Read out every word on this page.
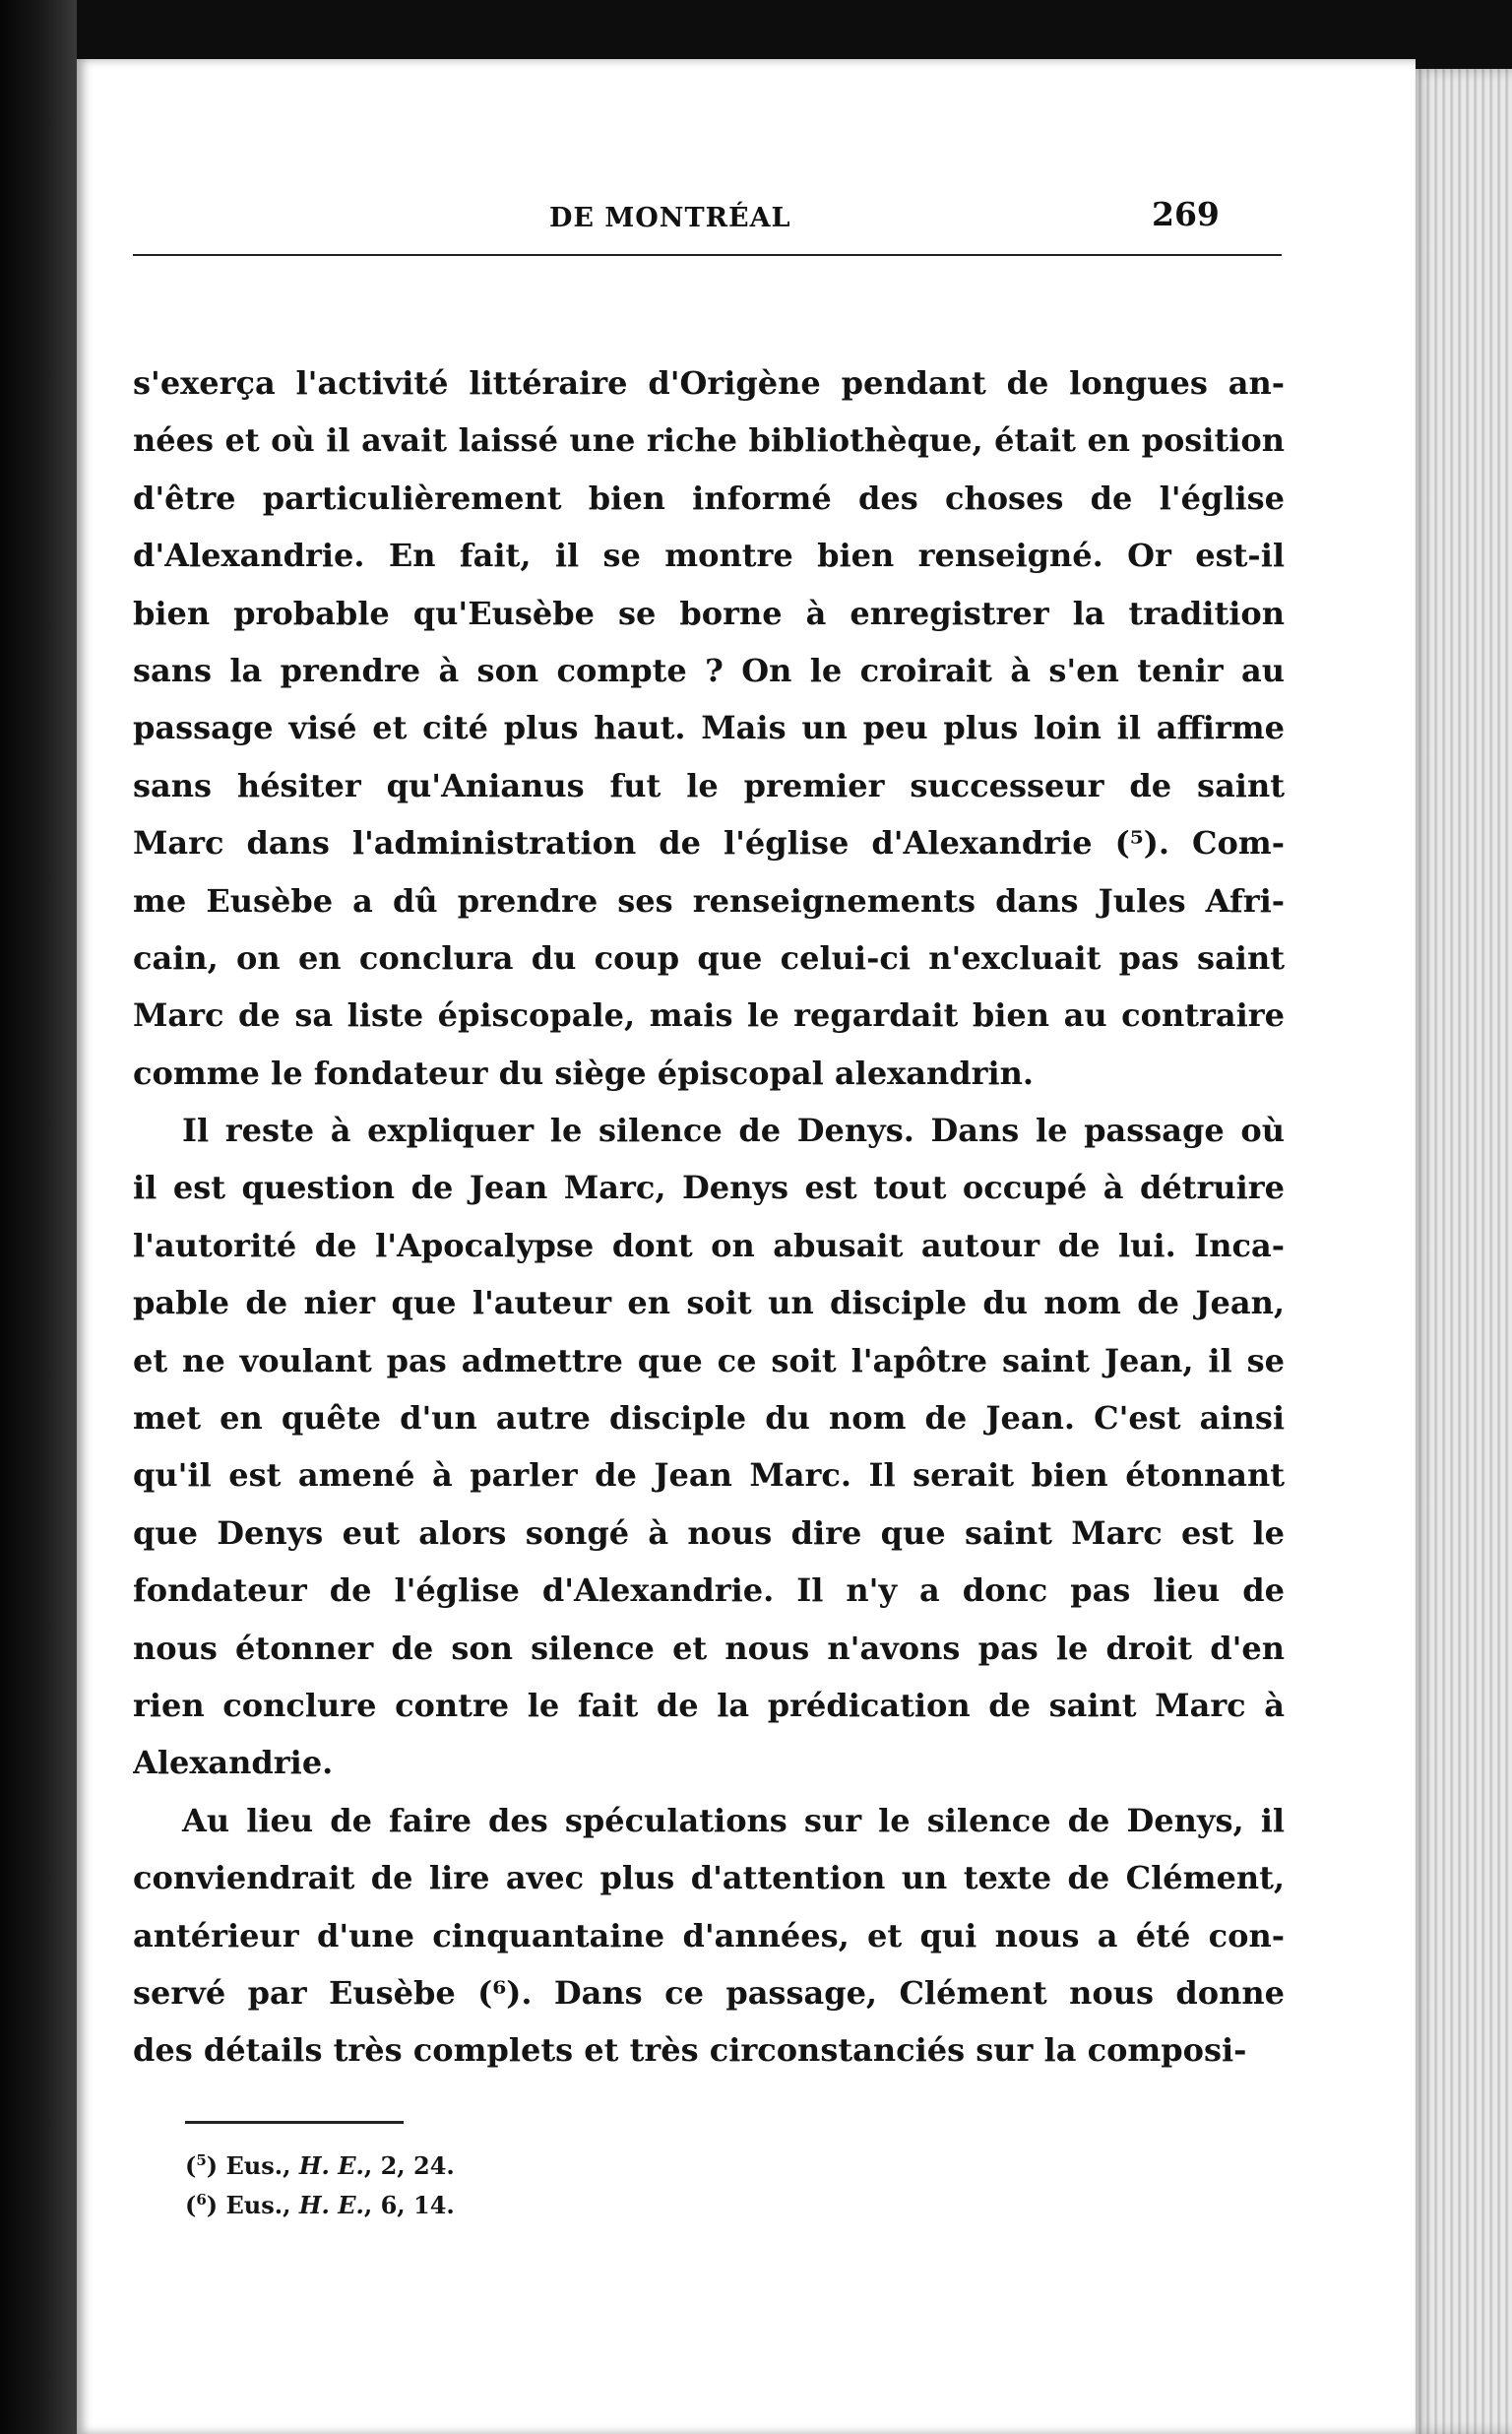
DE MONTRÉAL	269
s'exerça l'activité littéraire d'Origène pendant de longues an-
nées et où il avait laissé une riche bibliothèque, était en position
d'être particulièrement bien informé des choses de l'église
d'Alexandrie. En fait, il se montre bien renseigné. Or est-il
bien probable qu'Eusèbe se borne à enregistrer la tradition
sans la prendre à son compte ? On le croirait à s'en tenir au
passage visé et cité plus haut. Mais un peu plus loin il affirme
sans hésiter qu'Anianus fut le premier successeur de saint
Marc dans l'administration de l'église d'Alexandrie (⁵). Com-
me Eusèbe a dû prendre ses renseignements dans Jules Afri-
cain, on en conclura du coup que celui-ci n'excluait pas saint
Marc de sa liste épiscopale, mais le regardait bien au contraire
comme le fondateur du siège épiscopal alexandrin.
Il reste à expliquer le silence de Denys. Dans le passage où
il est question de Jean Marc, Denys est tout occupé à détruire
l'autorité de l'Apocalypse dont on abusait autour de lui. Inca-
pable de nier que l'auteur en soit un disciple du nom de Jean,
et ne voulant pas admettre que ce soit l'apôtre saint Jean, il se
met en quête d'un autre disciple du nom de Jean. C'est ainsi
qu'il est amené à parler de Jean Marc. Il serait bien étonnant
que Denys eut alors songé à nous dire que saint Marc est le
fondateur de l'église d'Alexandrie. Il n'y a donc pas lieu de
nous étonner de son silence et nous n'avons pas le droit d'en
rien conclure contre le fait de la prédication de saint Marc à
Alexandrie.
Au lieu de faire des spéculations sur le silence de Denys, il
conviendrait de lire avec plus d'attention un texte de Clément,
antérieur d'une cinquantaine d'années, et qui nous a été con-
servé par Eusèbe (⁶). Dans ce passage, Clément nous donne
des détails très complets et très circonstanciés sur la composi-
($^5$) Eus., H. E., 2, 24.
($^6$) Eus., H. E., 6, 14.
